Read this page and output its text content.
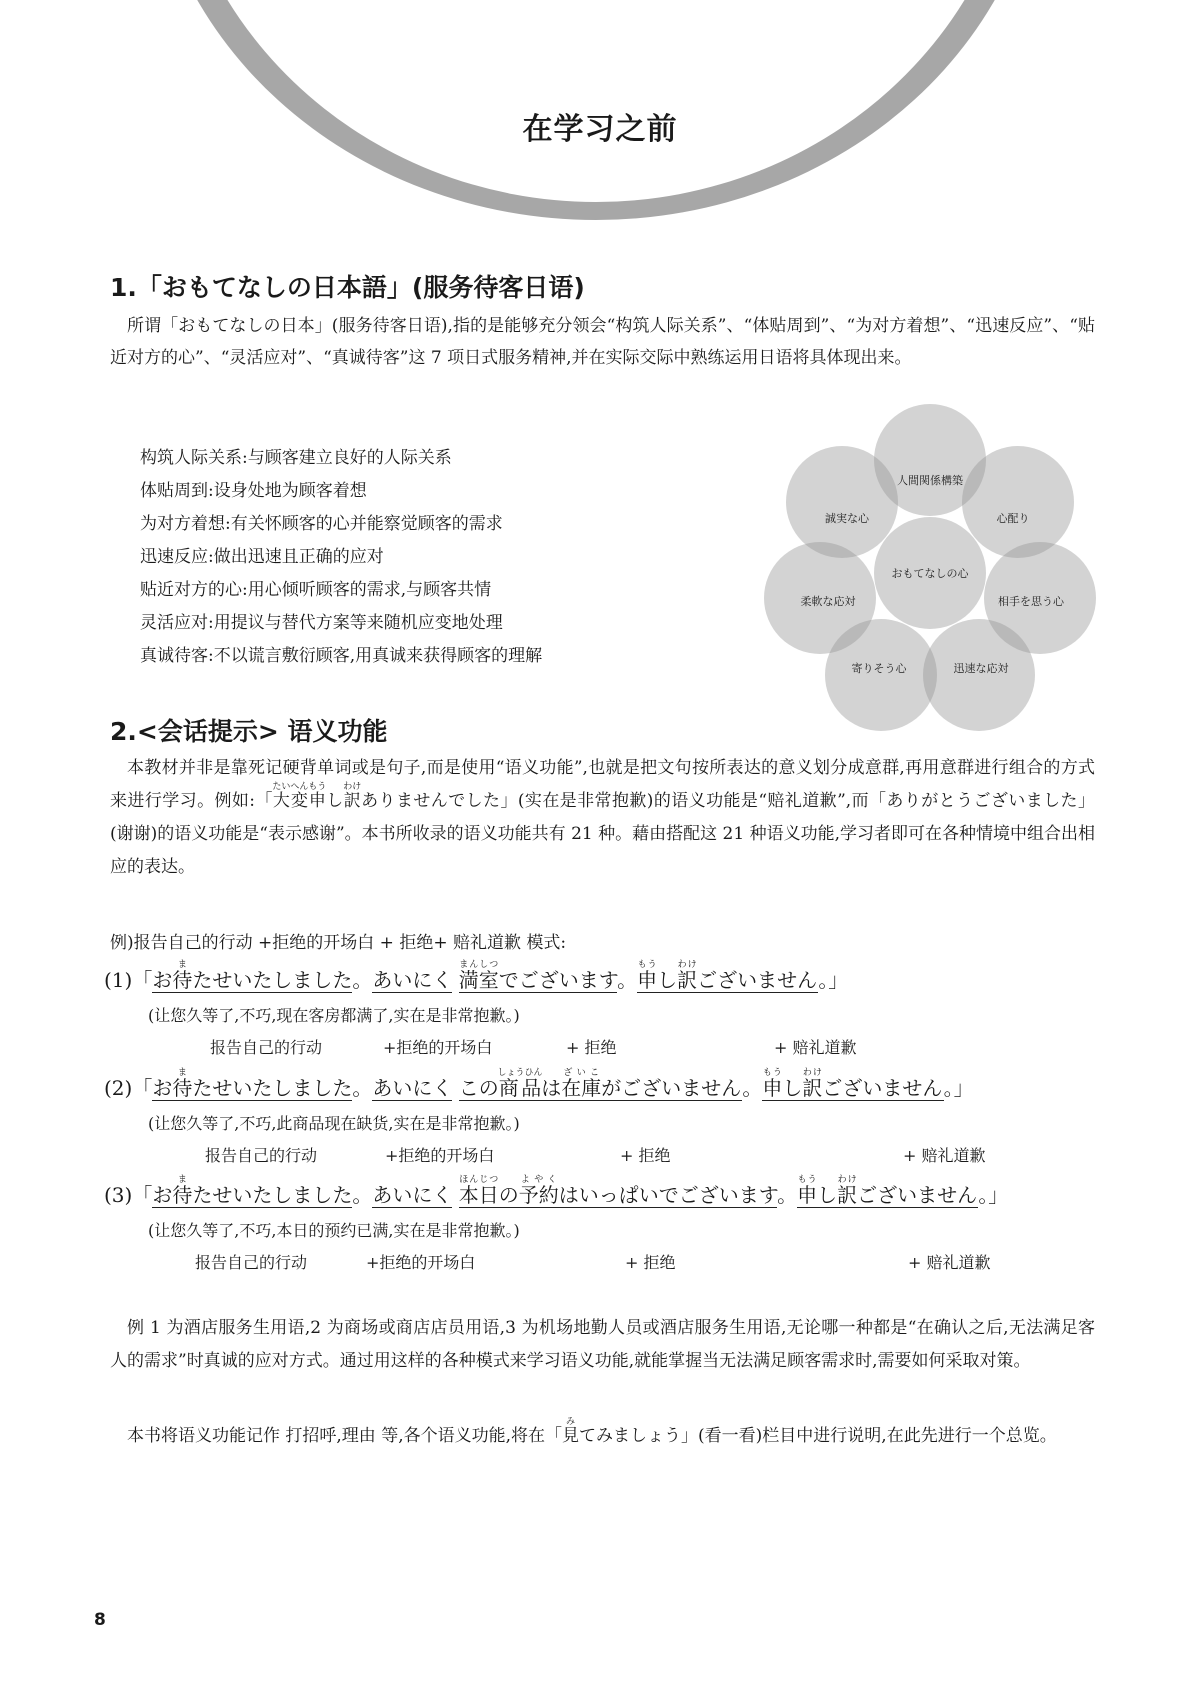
在学习之前
1.「おもてなしの日本語」(服务待客日语)

所谓「おもてなしの日本」(服务待客日语),指的是能够充分领会“构筑人际关系”、“体贴周到”、“为对方着想”、“迅速反应”、“贴近对方的心”、“灵活应对”、“真诚待客”这 7 项日式服务精神,并在实际交际中熟练运用日语将具体现出来。

构筑人际关系:与顾客建立良好的人际关系
体贴周到:设身处地为顾客着想
为对方着想:有关怀顾客的心并能察觉顾客的需求
迅速反应:做出迅速且正确的应对
贴近对方的心:用心倾听顾客的需求,与顾客共情
灵活应对:用提议与替代方案等来随机应变地处理
真诚待客:不以谎言敷衍顾客,用真诚来获得顾客的理解
おもてなしの心
人間関係構築
心配り
相手を思う心
迅速な応対
寄りそう心
柔軟な応対
誠実な心
2.<会话提示> 语义功能

本教材并非是靠死记硬背单词或是句子,而是使用“语义功能”,也就是把文句按所表达的意义划分成意群,再用意群进行组合的方式来进行学习。例如:「大変たいへん申もうし訳わけありませんでした」(实在是非常抱歉)的语义功能是“赔礼道歉”,而「ありがとうございました」(谢谢)的语义功能是“表示感谢”。本书所收录的语义功能共有 21 种。藉由搭配这 21 种语义功能,学习者即可在各种情境中组合出相应的表达。

例)报告自己的行动 +拒绝的开场白 + 拒绝+ 赔礼道歉 模式:
(1)「お待またせいたしました。あいにく 満室まんしつでございます。申もうし訳わけございません。」
(让您久等了,不巧,现在客房都满了,实在是非常抱歉。)
报告自己的行动	+拒绝的开场白	+ 拒绝	+ 赔礼道歉
(2)「お待またせいたしました。あいにく この商品しょうひんは在庫ざいこがございません。申もうし訳わけございません。」
(让您久等了,不巧,此商品现在缺货,实在是非常抱歉。)
报告自己的行动	+拒绝的开场白	+ 拒绝	+ 赔礼道歉
(3)「お待またせいたしました。あいにく 本日ほんじつの予約よやくはいっぱいでございます。申もうし訳わけございません。」
(让您久等了,不巧,本日的预约已满,实在是非常抱歉。)
报告自己的行动	+拒绝的开场白	+ 拒绝	+ 赔礼道歉

例 1 为酒店服务生用语,2 为商场或商店店员用语,3 为机场地勤人员或酒店服务生用语,无论哪一种都是“在确认之后,无法满足客人的需求”时真诚的应对方式。通过用这样的各种模式来学习语义功能,就能掌握当无法满足顾客需求时,需要如何采取对策。

本书将语义功能记作 打招呼,理由 等,各个语义功能,将在「見みてみましょう」(看一看)栏目中进行说明,在此先进行一个总览。

8
